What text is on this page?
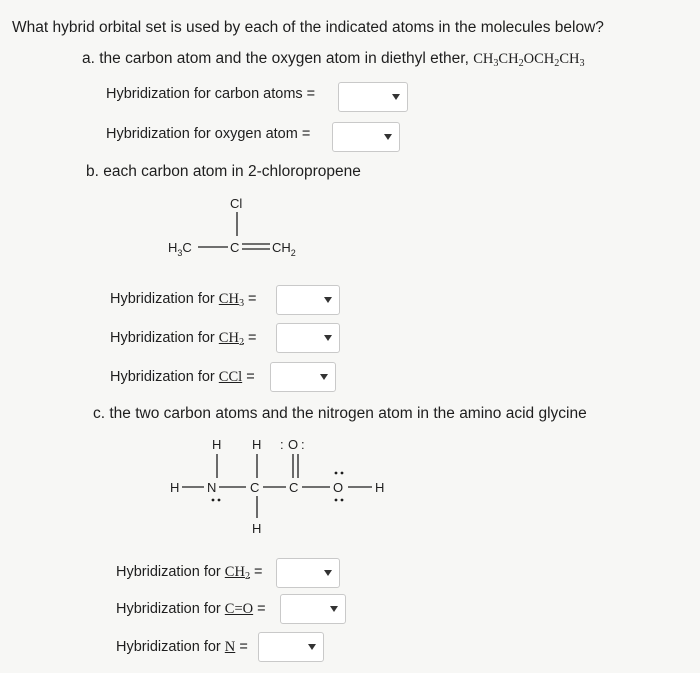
What hybrid orbital set is used by each of the indicated atoms in the molecules below?
a. the carbon atom and the oxygen atom in diethyl ether, $CH_3CH_2OCH_2CH_3$
Hybridization for carbon atoms =
Hybridization for oxygen atom =
b. each carbon atom in 2-chloropropene
Cl
$H_3C$	C	$CH_2$
Hybridization for $CH_3$ =
Hybridization for $CH_2$ =
Hybridization for CCl =
c. the two carbon atoms and the nitrogen atom in the amino acid glycine
H H : O :
H N	C C	O H
H
Hybridization for $CH_2$ =
Hybridization for C=O =
Hybridization for N =
